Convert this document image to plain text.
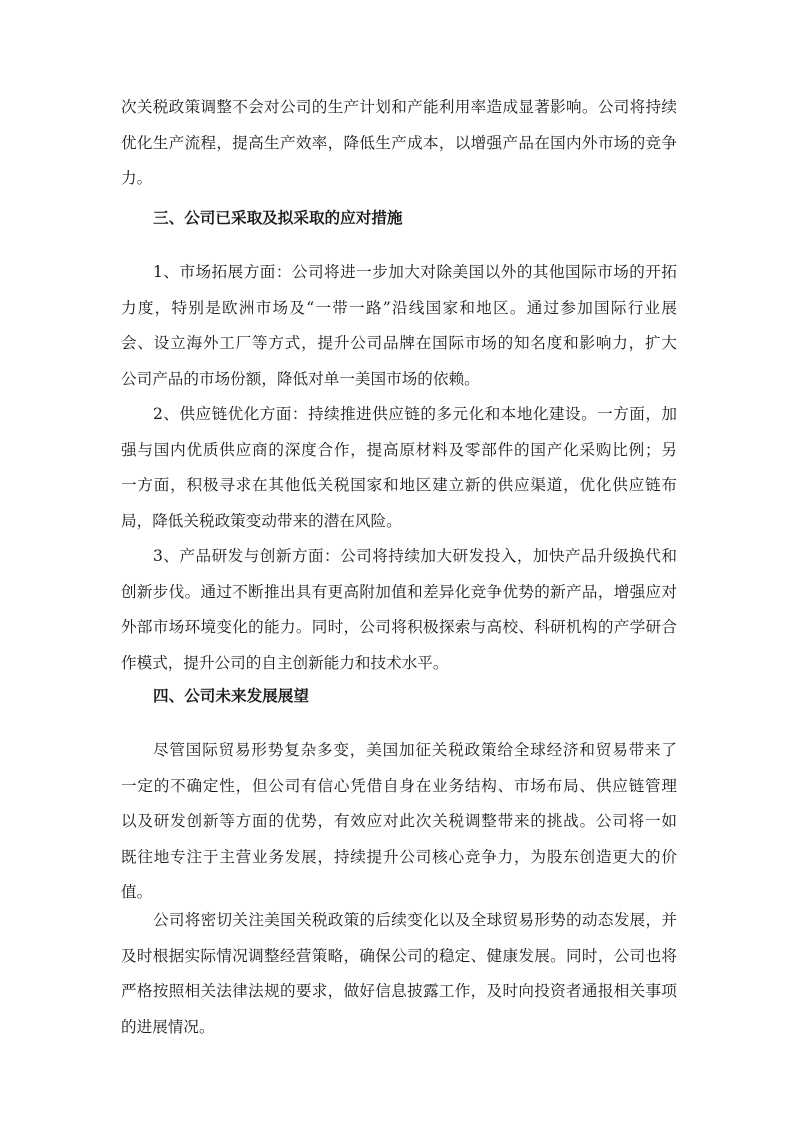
次关税政策调整不会对公司的生产计划和产能利用率造成显著影响。公司将持续
优化生产流程，提高生产效率，降低生产成本，以增强产品在国内外市场的竞争
力。
三、公司已采取及拟采取的应对措施
1、市场拓展方面：公司将进一步加大对除美国以外的其他国际市场的开拓
力度，特别是欧洲市场及“一带一路”沿线国家和地区。通过参加国际行业展
会、设立海外工厂等方式，提升公司品牌在国际市场的知名度和影响力，扩大
公司产品的市场份额，降低对单一美国市场的依赖。
2、供应链优化方面：持续推进供应链的多元化和本地化建设。一方面，加
强与国内优质供应商的深度合作，提高原材料及零部件的国产化采购比例；另
一方面，积极寻求在其他低关税国家和地区建立新的供应渠道，优化供应链布
局，降低关税政策变动带来的潜在风险。
3、产品研发与创新方面：公司将持续加大研发投入，加快产品升级换代和
创新步伐。通过不断推出具有更高附加值和差异化竞争优势的新产品，增强应对
外部市场环境变化的能力。同时，公司将积极探索与高校、科研机构的产学研合
作模式，提升公司的自主创新能力和技术水平。
四、公司未来发展展望
尽管国际贸易形势复杂多变，美国加征关税政策给全球经济和贸易带来了
一定的不确定性，但公司有信心凭借自身在业务结构、市场布局、供应链管理
以及研发创新等方面的优势，有效应对此次关税调整带来的挑战。公司将一如
既往地专注于主营业务发展，持续提升公司核心竞争力，为股东创造更大的价
值。
公司将密切关注美国关税政策的后续变化以及全球贸易形势的动态发展，并
及时根据实际情况调整经营策略，确保公司的稳定、健康发展。同时，公司也将
严格按照相关法律法规的要求，做好信息披露工作，及时向投资者通报相关事项
的进展情况。
